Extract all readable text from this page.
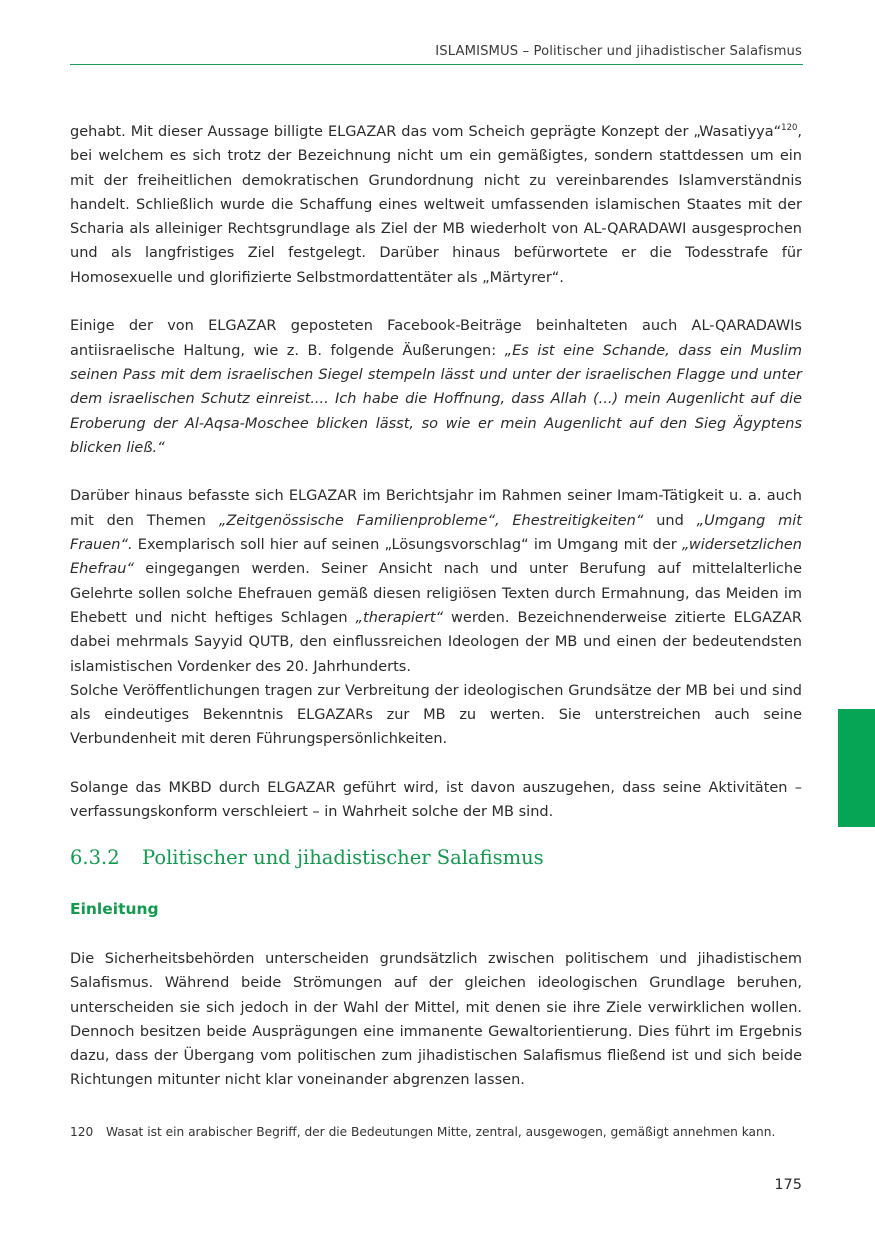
ISLAMISMUS – Politischer und jihadistischer Salafismus

gehabt. Mit dieser Aussage billigte ELGAZAR das vom Scheich geprägte Konzept der „Wasatiyya“$^{120}$, bei welchem es sich trotz der Bezeichnung nicht um ein gemäßigtes, sondern stattdessen um ein mit der freiheitlichen demokratischen Grundordnung nicht zu vereinbarendes Islamverständnis handelt. Schließlich wurde die Schaffung eines weltweit umfassenden islamischen Staates mit der Scharia als alleiniger Rechtsgrundlage als Ziel der MB wiederholt von AL-QARADAWI ausgesprochen und als langfristiges Ziel festgelegt. Darüber hinaus befürwortete er die Todesstrafe für Homosexuelle und glorifizierte Selbstmordattentäter als „Märtyrer“.

Einige der von ELGAZAR geposteten Facebook-Beiträge beinhalteten auch AL-QARADAWIs antiisraelische Haltung, wie z. B. folgende Äußerungen: „Es ist eine Schande, dass ein Muslim seinen Pass mit dem israelischen Siegel stempeln lässt und unter der israelischen Flagge und unter dem israelischen Schutz einreist.... Ich habe die Hoffnung, dass Allah (...) mein Augenlicht auf die Eroberung der Al-Aqsa-Moschee blicken lässt, so wie er mein Augenlicht auf den Sieg Ägyptens blicken ließ.“

Darüber hinaus befasste sich ELGAZAR im Berichtsjahr im Rahmen seiner Imam-Tätigkeit u. a. auch mit den Themen „Zeitgenössische Familienprobleme“, Ehestreitigkeiten“ und „Umgang mit Frauen“. Exemplarisch soll hier auf seinen „Lösungsvorschlag“ im Umgang mit der „widersetzlichen Ehefrau“ eingegangen werden. Seiner Ansicht nach und unter Berufung auf mittelalterliche Gelehrte sollen solche Ehefrauen gemäß diesen religiösen Texten durch Ermahnung, das Meiden im Ehebett und nicht heftiges Schlagen „therapiert“ werden. Bezeichnenderweise zitierte ELGAZAR dabei mehrmals Sayyid QUTB, den einflussreichen Ideologen der MB und einen der bedeutendsten islamistischen Vordenker des 20. Jahrhunderts.

Solche Veröffentlichungen tragen zur Verbreitung der ideologischen Grundsätze der MB bei und sind als eindeutiges Bekenntnis ELGAZARs zur MB zu werten. Sie unterstreichen auch seine Verbundenheit mit deren Führungspersönlichkeiten.

Solange das MKBD durch ELGAZAR geführt wird, ist davon auszugehen, dass seine Aktivitäten – verfassungskonform verschleiert – in Wahrheit solche der MB sind.

6.3.2 Politischer und jihadistischer Salafismus
Einleitung

Die Sicherheitsbehörden unterscheiden grundsätzlich zwischen politischem und jihadistischem Salafismus. Während beide Strömungen auf der gleichen ideologischen Grundlage beruhen, unterscheiden sie sich jedoch in der Wahl der Mittel, mit denen sie ihre Ziele verwirklichen wollen. Dennoch besitzen beide Ausprägungen eine immanente Gewaltorientierung. Dies führt im Ergebnis dazu, dass der Übergang vom politischen zum jihadistischen Salafismus fließend ist und sich beide Richtungen mitunter nicht klar voneinander abgrenzen lassen.

120 Wasat ist ein arabischer Begriff, der die Bedeutungen Mitte, zentral, ausgewogen, gemäßigt annehmen kann.
175
